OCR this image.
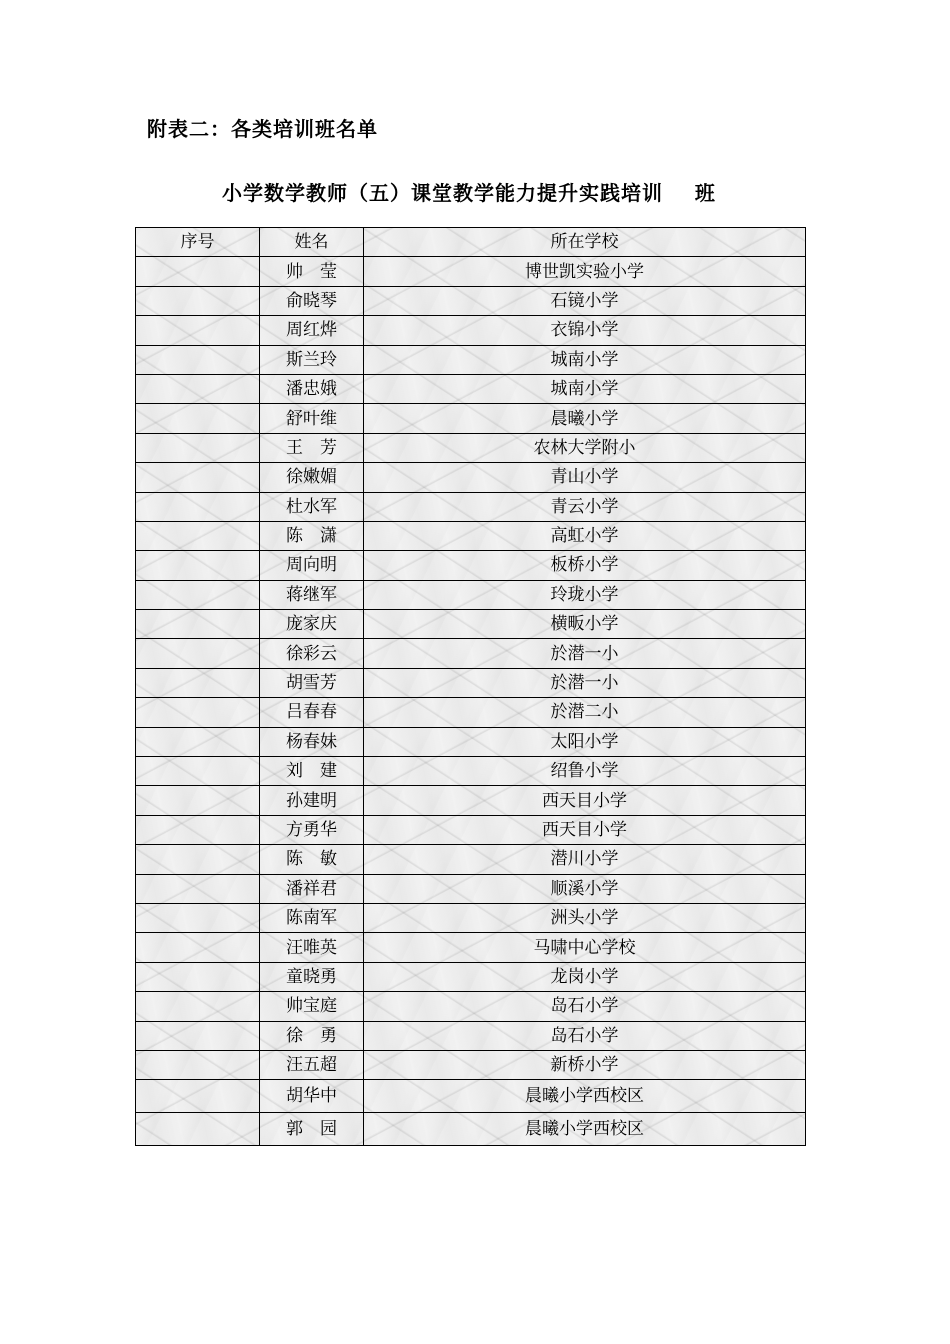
附表二：各类培训班名单
小学数学教师（五）课堂教学能力提升实践培训    班
序号	姓名	所在学校
	帅　莹	博世凯实验小学
	俞晓琴	石镜小学
	周红烨	衣锦小学
	斯兰玲	城南小学
	潘忠娥	城南小学
	舒叶维	晨曦小学
	王　芳	农林大学附小
	徐嫩媚	青山小学
	杜水军	青云小学
	陈　潇	高虹小学
	周向明	板桥小学
	蒋继军	玲珑小学
	庞家庆	横畈小学
	徐彩云	於潜一小
	胡雪芳	於潜一小
	吕春春	於潜二小
	杨春妹	太阳小学
	刘　建	绍鲁小学
	孙建明	西天目小学
	方勇华	西天目小学
	陈　敏	潜川小学
	潘祥君	顺溪小学
	陈南军	洲头小学
	汪唯英	马啸中心学校
	童晓勇	龙岗小学
	帅宝庭	岛石小学
	徐　勇	岛石小学
	汪五超	新桥小学
	胡华中	晨曦小学西校区
	郭　园	晨曦小学西校区
